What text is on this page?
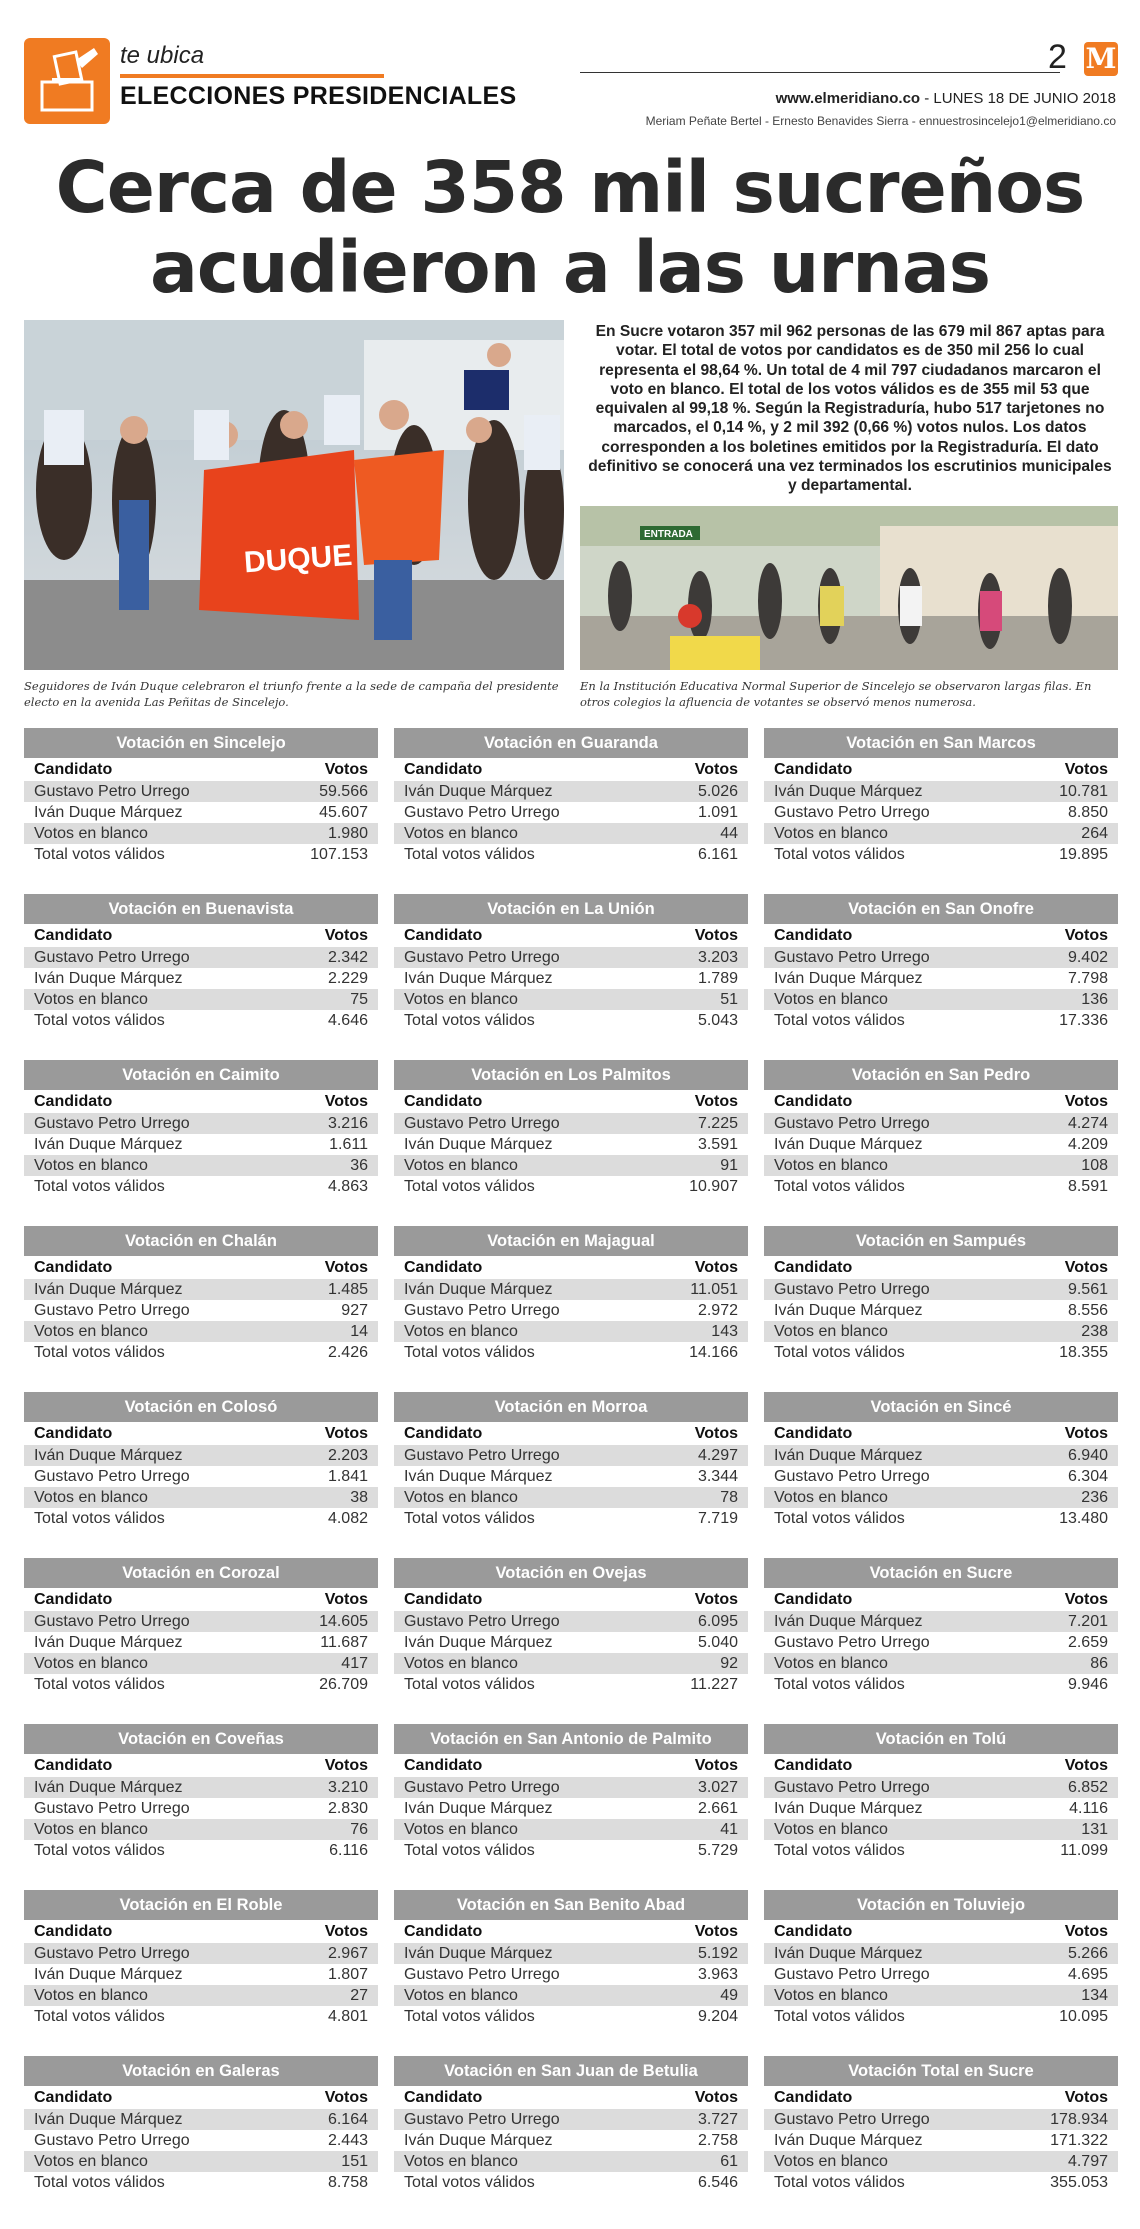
te ubica
ELECCIONES PRESIDENCIALES
2 M
www.elmeridiano.co - LUNES 18 DE JUNIO 2018
Meriam Peñate Bertel - Ernesto Benavides Sierra - ennuestrosincelejo1@elmeridiano.co
Cerca de 358 mil sucreños
acudieron a las urnas
DUQUE
Seguidores de Iván Duque celebraron el triunfo frente a la sede de campaña del presidente electo en la avenida Las Peñitas de Sincelejo.
En Sucre votaron 357 mil 962 personas de las 679 mil 867 aptas para votar. El total de votos por candidatos es de 350 mil 256 lo cual representa el 98,64 %. Un total de 4 mil 797 ciudadanos marcaron el voto en blanco. El total de los votos válidos es de 355 mil 53 que equivalen al 99,18 %. Según la Registraduría, hubo 517 tarjetones no marcados, el 0,14 %, y 2 mil 392 (0,66 %) votos nulos. Los datos corresponden a los boletines emitidos por la Registraduría. El dato definitivo se conocerá una vez terminados los escrutinios municipales y departamental.
ENTRADA
En la Institución Educativa Normal Superior de Sincelejo se observaron largas filas. En otros colegios la afluencia de votantes se observó menos numerosa.
Votación en Sincelejo
Candidato	Votos
Gustavo Petro Urrego	59.566
Iván Duque Márquez	45.607
Votos en blanco	1.980
Total votos válidos	107.153
Votación en Guaranda
Candidato	Votos
Iván Duque Márquez	5.026
Gustavo Petro Urrego	1.091
Votos en blanco	44
Total votos válidos	6.161
Votación en San Marcos
Candidato	Votos
Iván Duque Márquez	10.781
Gustavo Petro Urrego	8.850
Votos en blanco	264
Total votos válidos	19.895
Votación en Buenavista
Candidato	Votos
Gustavo Petro Urrego	2.342
Iván Duque Márquez	2.229
Votos en blanco	75
Total votos válidos	4.646
Votación en La Unión
Candidato	Votos
Gustavo Petro Urrego	3.203
Iván Duque Márquez	1.789
Votos en blanco	51
Total votos válidos	5.043
Votación en San Onofre
Candidato	Votos
Gustavo Petro Urrego	9.402
Iván Duque Márquez	7.798
Votos en blanco	136
Total votos válidos	17.336
Votación en Caimito
Candidato	Votos
Gustavo Petro Urrego	3.216
Iván Duque Márquez	1.611
Votos en blanco	36
Total votos válidos	4.863
Votación en Los Palmitos
Candidato	Votos
Gustavo Petro Urrego	7.225
Iván Duque Márquez	3.591
Votos en blanco	91
Total votos válidos	10.907
Votación en San Pedro
Candidato	Votos
Gustavo Petro Urrego	4.274
Iván Duque Márquez	4.209
Votos en blanco	108
Total votos válidos	8.591
Votación en Chalán
Candidato	Votos
Iván Duque Márquez	1.485
Gustavo Petro Urrego	927
Votos en blanco	14
Total votos válidos	2.426
Votación en Majagual
Candidato	Votos
Iván Duque Márquez	11.051
Gustavo Petro Urrego	2.972
Votos en blanco	143
Total votos válidos	14.166
Votación en Sampués
Candidato	Votos
Gustavo Petro Urrego	9.561
Iván Duque Márquez	8.556
Votos en blanco	238
Total votos válidos	18.355
Votación en Colosó
Candidato	Votos
Iván Duque Márquez	2.203
Gustavo Petro Urrego	1.841
Votos en blanco	38
Total votos válidos	4.082
Votación en Morroa
Candidato	Votos
Gustavo Petro Urrego	4.297
Iván Duque Márquez	3.344
Votos en blanco	78
Total votos válidos	7.719
Votación en Sincé
Candidato	Votos
Iván Duque Márquez	6.940
Gustavo Petro Urrego	6.304
Votos en blanco	236
Total votos válidos	13.480
Votación en Corozal
Candidato	Votos
Gustavo Petro Urrego	14.605
Iván Duque Márquez	11.687
Votos en blanco	417
Total votos válidos	26.709
Votación en Ovejas
Candidato	Votos
Gustavo Petro Urrego	6.095
Iván Duque Márquez	5.040
Votos en blanco	92
Total votos válidos	11.227
Votación en Sucre
Candidato	Votos
Iván Duque Márquez	7.201
Gustavo Petro Urrego	2.659
Votos en blanco	86
Total votos válidos	9.946
Votación en Coveñas
Candidato	Votos
Iván Duque Márquez	3.210
Gustavo Petro Urrego	2.830
Votos en blanco	76
Total votos válidos	6.116
Votación en San Antonio de Palmito
Candidato	Votos
Gustavo Petro Urrego	3.027
Iván Duque Márquez	2.661
Votos en blanco	41
Total votos válidos	5.729
Votación en Tolú
Candidato	Votos
Gustavo Petro Urrego	6.852
Iván Duque Márquez	4.116
Votos en blanco	131
Total votos válidos	11.099
Votación en El Roble
Candidato	Votos
Gustavo Petro Urrego	2.967
Iván Duque Márquez	1.807
Votos en blanco	27
Total votos válidos	4.801
Votación en San Benito Abad
Candidato	Votos
Iván Duque Márquez	5.192
Gustavo Petro Urrego	3.963
Votos en blanco	49
Total votos válidos	9.204
Votación en Toluviejo
Candidato	Votos
Iván Duque Márquez	5.266
Gustavo Petro Urrego	4.695
Votos en blanco	134
Total votos válidos	10.095
Votación en Galeras
Candidato	Votos
Iván Duque Márquez	6.164
Gustavo Petro Urrego	2.443
Votos en blanco	151
Total votos válidos	8.758
Votación en San Juan de Betulia
Candidato	Votos
Gustavo Petro Urrego	3.727
Iván Duque Márquez	2.758
Votos en blanco	61
Total votos válidos	6.546
Votación Total en Sucre
Candidato	Votos
Gustavo Petro Urrego	178.934
Iván Duque Márquez	171.322
Votos en blanco	4.797
Total votos válidos	355.053
